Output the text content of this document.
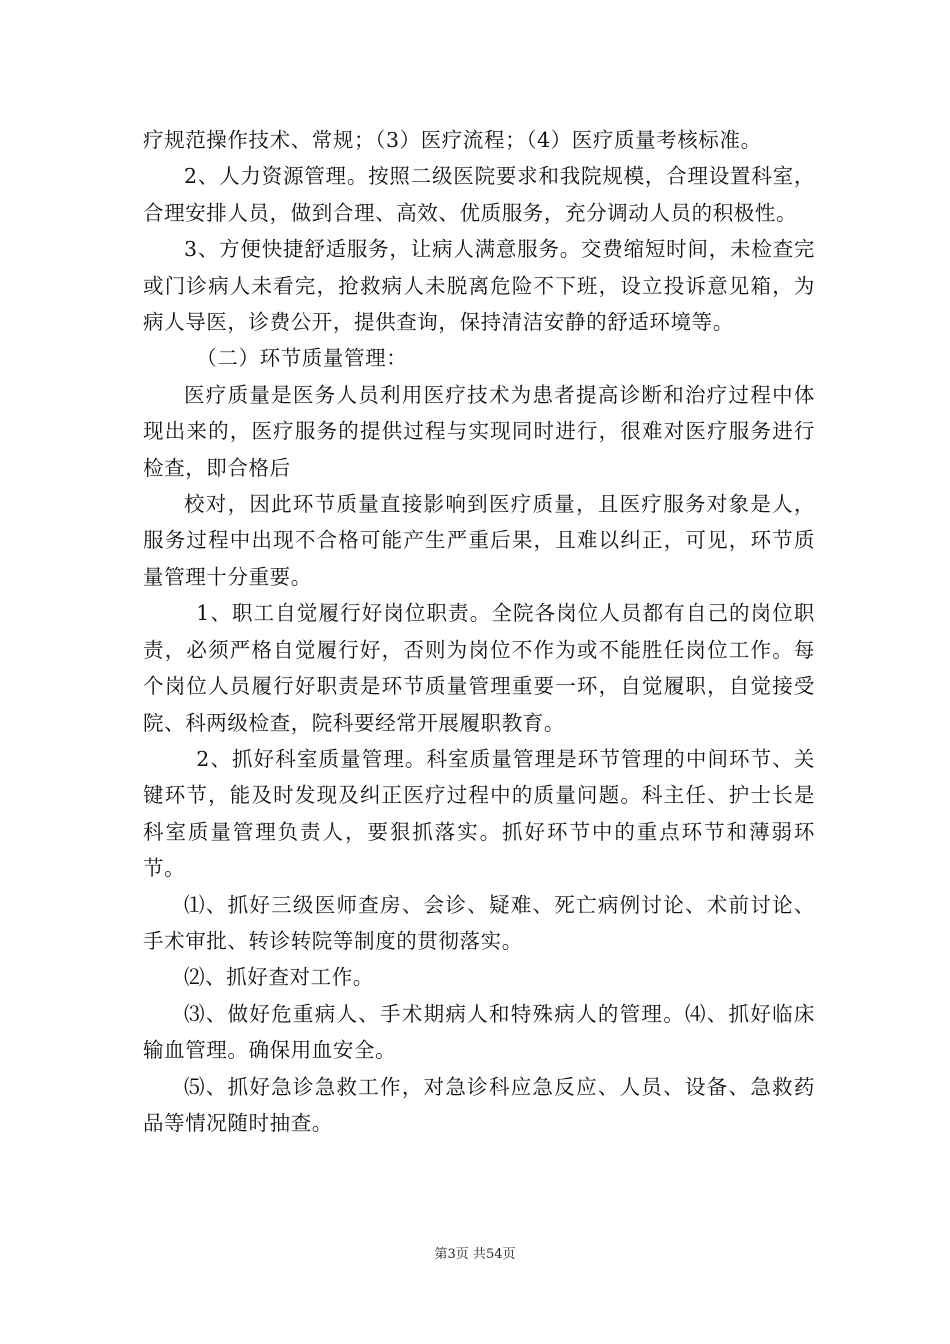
疗规范操作技术、常规；（3）医疗流程；（4）医疗质量考核标准。

2、人力资源管理。按照二级医院要求和我院规模，合理设置科室，合理安排人员，做到合理、高效、优质服务，充分调动人员的积极性。

3、方便快捷舒适服务，让病人满意服务。交费缩短时间，未检查完或门诊病人未看完，抢救病人未脱离危险不下班，设立投诉意见箱，为病人导医，诊费公开，提供查询，保持清洁安静的舒适环境等。

（二）环节质量管理：

医疗质量是医务人员利用医疗技术为患者提高诊断和治疗过程中体现出来的，医疗服务的提供过程与实现同时进行，很难对医疗服务进行检查，即合格后

校对，因此环节质量直接影响到医疗质量，且医疗服务对象是人，服务过程中出现不合格可能产生严重后果，且难以纠正，可见，环节质量管理十分重要。

1、职工自觉履行好岗位职责。全院各岗位人员都有自己的岗位职责，必须严格自觉履行好，否则为岗位不作为或不能胜任岗位工作。每个岗位人员履行好职责是环节质量管理重要一环，自觉履职，自觉接受院、科两级检查，院科要经常开展履职教育。

2、抓好科室质量管理。科室质量管理是环节管理的中间环节、关键环节，能及时发现及纠正医疗过程中的质量问题。科主任、护士长是科室质量管理负责人，要狠抓落实。抓好环节中的重点环节和薄弱环节。

⑴、抓好三级医师查房、会诊、疑难、死亡病例讨论、术前讨论、手术审批、转诊转院等制度的贯彻落实。

⑵、抓好查对工作。

⑶、做好危重病人、手术期病人和特殊病人的管理。⑷、抓好临床输血管理。确保用血安全。

⑸、抓好急诊急救工作，对急诊科应急反应、人员、设备、急救药品等情况随时抽查。

第3页 共54页
